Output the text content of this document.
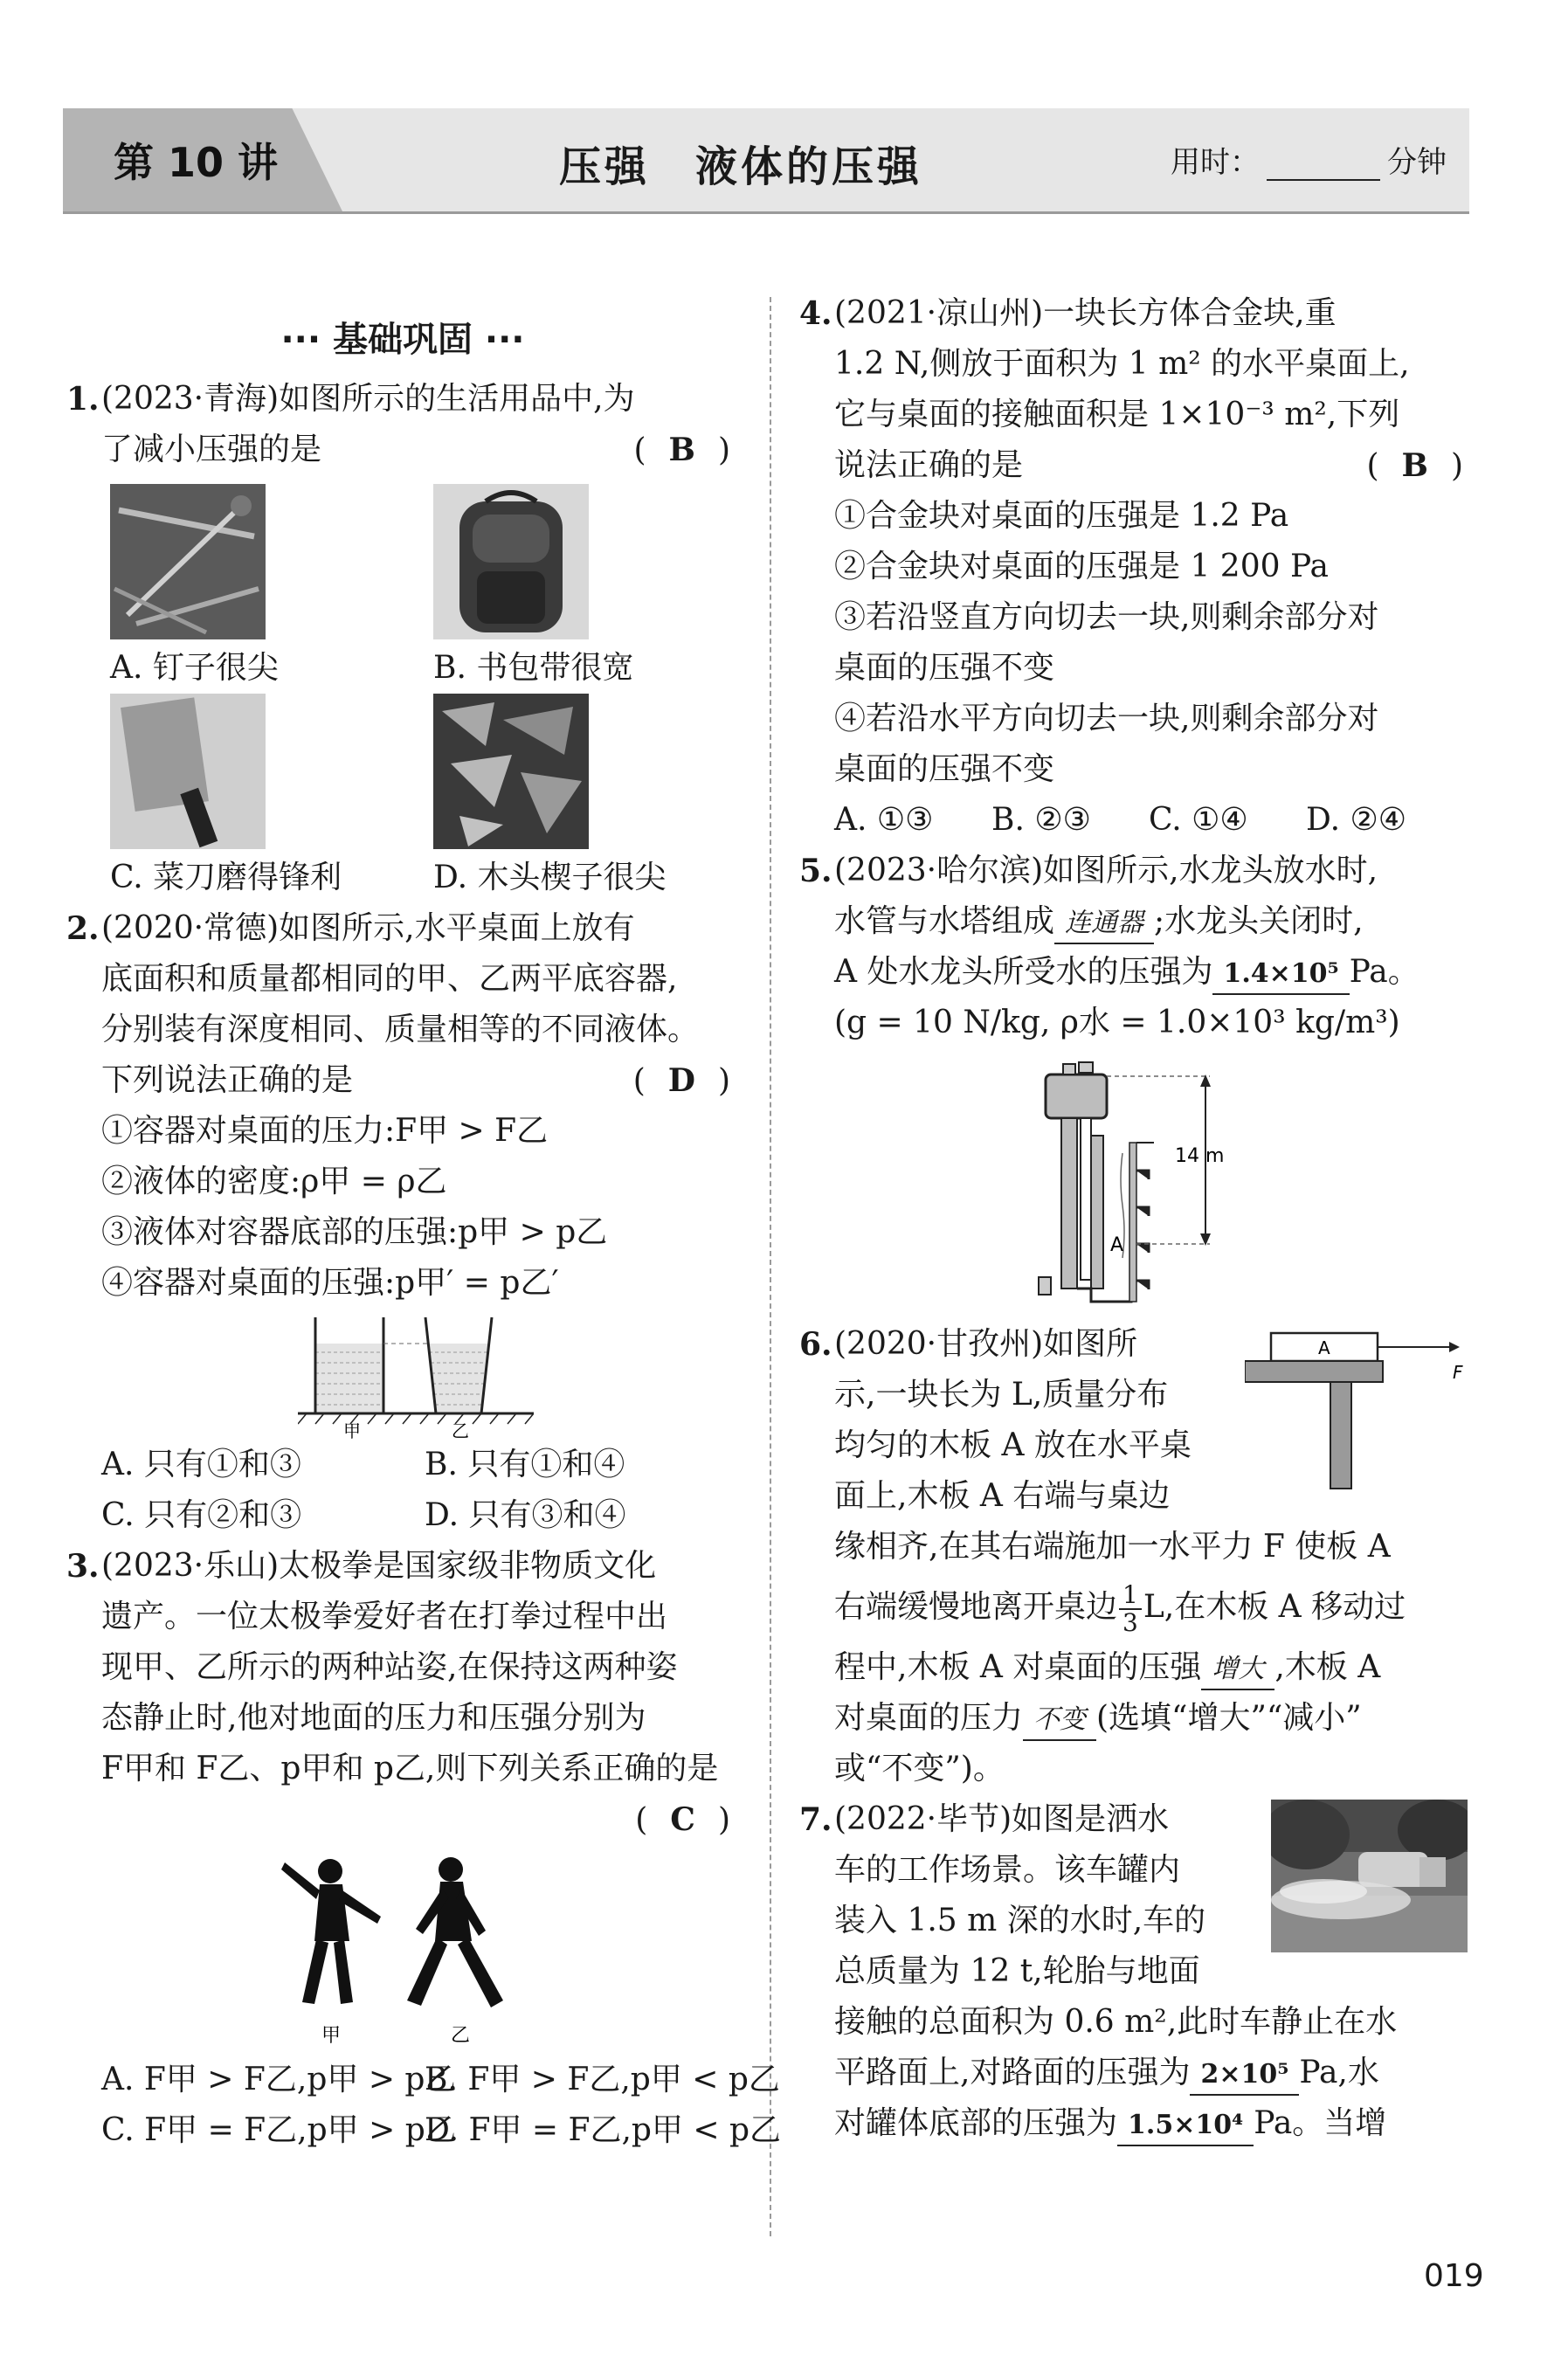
第 10 讲	压强　液体的压强	用时：	分钟
··· 基础巩固 ···
1. (2023·青海)如图所示的生活用品中,为
了减小压强的是	( B )
A. 钉子很尖	B. 书包带很宽
C. 菜刀磨得锋利	D. 木头楔子很尖
2. (2020·常德)如图所示,水平桌面上放有
底面积和质量都相同的甲、乙两平底容器,
分别装有深度相同、质量相等的不同液体。
下列说法正确的是	( D )
①容器对桌面的压力:F甲 > F乙
②液体的密度:ρ甲 = ρ乙
③液体对容器底部的压强:p甲 > p乙
④容器对桌面的压强:p甲′ = p乙′
甲	乙
A. 只有①和③	B. 只有①和④
C. 只有②和③	D. 只有③和④
3. (2023·乐山)太极拳是国家级非物质文化
遗产。一位太极拳爱好者在打拳过程中出
现甲、乙所示的两种站姿,在保持这两种姿
态静止时,他对地面的压力和压强分别为
F甲和 F乙、p甲和 p乙,则下列关系正确的是
( C )

甲	乙
A. F甲 > F乙,p甲 > p乙
B. F甲 > F乙,p甲 < p乙
C. F甲 = F乙,p甲 > p乙
D. F甲 = F乙,p甲 < p乙
4. (2021·凉山州)一块长方体合金块,重
1.2 N,侧放于面积为 1 m² 的水平桌面上,
它与桌面的接触面积是 1×10⁻³ m²,下列
说法正确的是	( B )
①合金块对桌面的压强是 1.2 Pa
②合金块对桌面的压强是 1 200 Pa
③若沿竖直方向切去一块,则剩余部分对
桌面的压强不变
④若沿水平方向切去一块,则剩余部分对
桌面的压强不变
A. ①③	B. ②③	C. ①④	D. ②④
5. (2023·哈尔滨)如图所示,水龙头放水时,
水管与水塔组成 连通器 ;水龙头关闭时,
A 处水龙头所受水的压强为 1.4×10⁵ Pa。
(g = 10 N/kg, ρ水 = 1.0×10³ kg/m³)
14 m
A
6. (2020·甘孜州)如图所
示,一块长为 L,质量分布
均匀的木板 A 放在水平桌
面上,木板 A 右端与桌边
A
F
缘相齐,在其右端施加一水平力 F 使板 A
右端缓慢地离开桌边 $\frac{1}{3} L$,在木板 A 移动过
程中,木板 A 对桌面的压强 增大 ,木板 A
对桌面的压力 不变 (选填“增大”“减小”
或“不变”)。
7. (2022·毕节)如图是洒水
车的工作场景。该车罐内
装入 1.5 m 深的水时,车的
总质量为 12 t,轮胎与地面
接触的总面积为 0.6 m²,此时车静止在水
平路面上,对路面的压强为 2×10⁵ Pa,水
对罐体底部的压强为 1.5×10⁴ Pa。当增
019
